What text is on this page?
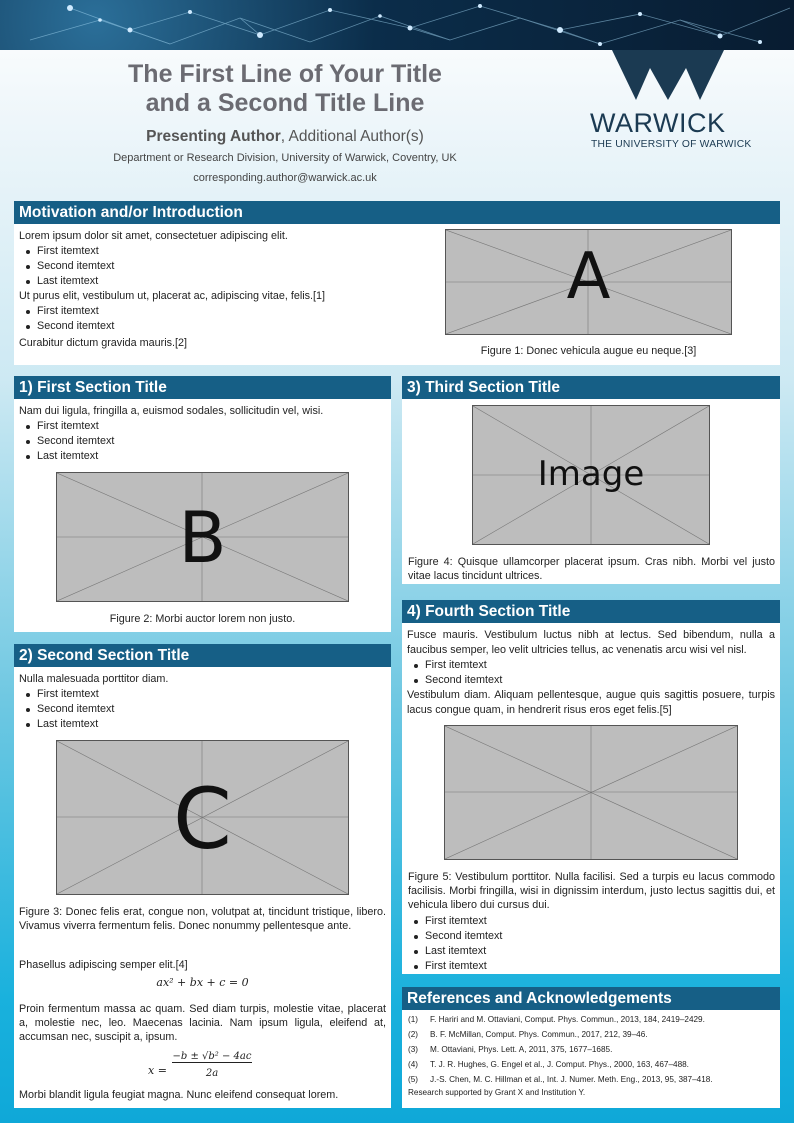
The First Line of Your Title
and a Second Title Line
Presenting Author, Additional Author(s)
Department or Research Division, University of Warwick, Coventry, UK
corresponding.author@warwick.ac.uk
WARWICK
THE UNIVERSITY OF WARWICK
Motivation and/or Introduction

Lorem ipsum dolor sit amet, consectetuer adipiscing elit.

First itemtext
Second itemtext
Last itemtext

Ut purus elit, vestibulum ut, placerat ac, adipiscing vitae, felis.[1]

First itemtext
Second itemtext

Curabitur dictum gravida mauris.[2]

A
Figure 1: Donec vehicula augue eu neque.[3]
1) First Section Title

Nam dui ligula, fringilla a, euismod sodales, sollicitudin vel, wisi.

First itemtext
Second itemtext
Last itemtext
B
Figure 2: Morbi auctor lorem non justo.
2) Second Section Title

Nulla malesuada porttitor diam.

First itemtext
Second itemtext
Last itemtext
C
Figure 3: Donec felis erat, congue non, volutpat at, tincidunt tristique, libero. Vivamus viverra fermentum felis. Donec nonummy pellentesque ante.
Phasellus adipiscing semper elit.[4]
ax² + bx + c = 0
Proin fermentum massa ac quam. Sed diam turpis, molestie vitae, placerat a, molestie nec, leo. Maecenas lacinia. Nam ipsum ligula, eleifend at, accumsan nec, suscipit a, ipsum.
x =
−b ± √b² − 4ac
2a
Morbi blandit ligula feugiat magna. Nunc eleifend consequat lorem.
3) Third Section Title
Image
Figure 4: Quisque ullamcorper placerat ipsum. Cras nibh. Morbi vel justo vitae lacus tincidunt ultrices.
4) Fourth Section Title

Fusce mauris. Vestibulum luctus nibh at lectus. Sed bibendum, nulla a faucibus semper, leo velit ultricies tellus, ac venenatis arcu wisi vel nisl.

First itemtext
Second itemtext

Vestibulum diam. Aliquam pellentesque, augue quis sagittis posuere, turpis lacus congue quam, in hendrerit risus eros eget felis.[5]

Figure 5: Vestibulum porttitor. Nulla facilisi. Sed a turpis eu lacus commodo facilisis. Morbi fringilla, wisi in dignissim interdum, justo lectus sagittis dui, et vehicula libero dui cursus dui.
First itemtext
Second itemtext
Last itemtext
First itemtext
References and Acknowledgements
(1) F. Hariri and M. Ottaviani, Comput. Phys. Commun., 2013, 184, 2419–2429.
(2) B. F. McMillan, Comput. Phys. Commun., 2017, 212, 39–46.
(3) M. Ottaviani, Phys. Lett. A, 2011, 375, 1677–1685.
(4) T. J. R. Hughes, G. Engel et al., J. Comput. Phys., 2000, 163, 467–488.
(5) J.-S. Chen, M. C. Hillman et al., Int. J. Numer. Meth. Eng., 2013, 95, 387–418.
Research supported by Grant X and Institution Y.
